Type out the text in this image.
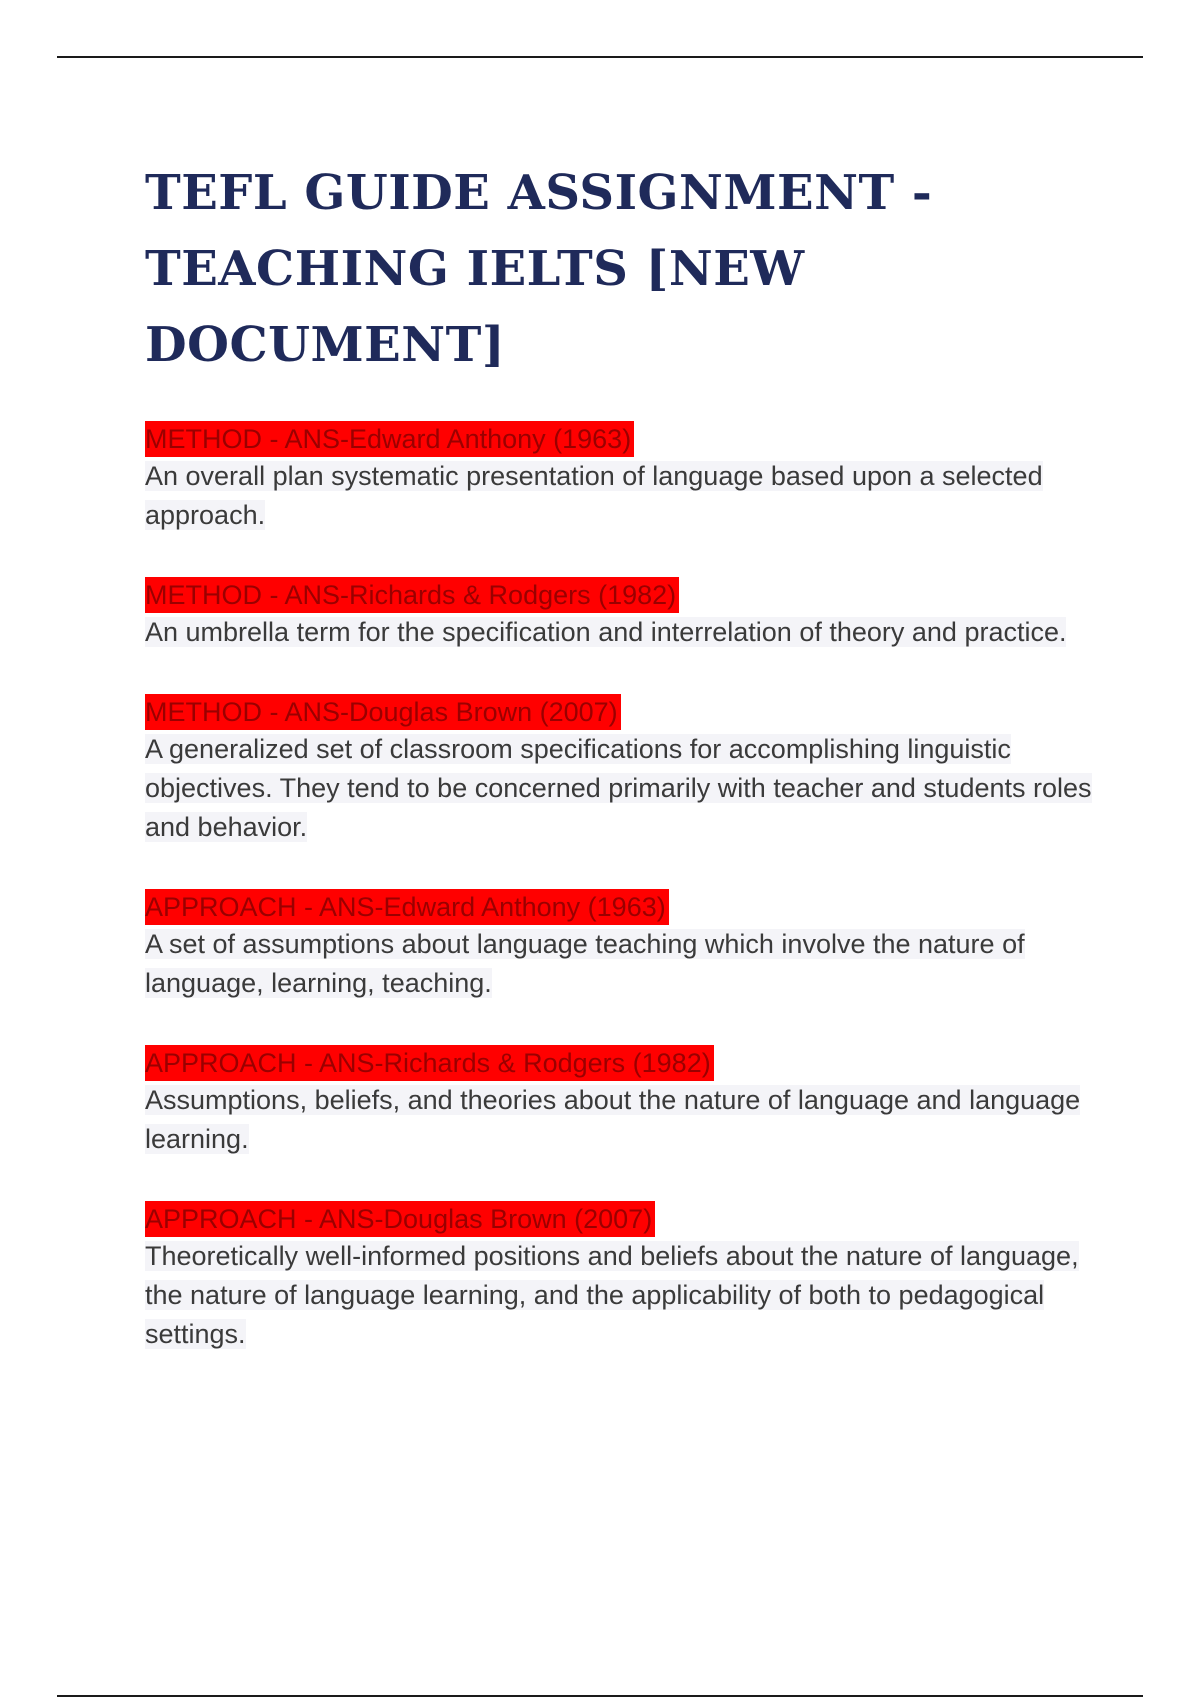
TEFL GUIDE ASSIGNMENT -
TEACHING IELTS [NEW DOCUMENT]
METHOD - ANS-Edward Anthony (1963)

An overall plan systematic presentation of language based upon a selected approach.

METHOD - ANS-Richards & Rodgers (1982)

An umbrella term for the specification and interrelation of theory and practice.

METHOD - ANS-Douglas Brown (2007)

A generalized set of classroom specifications for accomplishing linguistic objectives. They tend to be concerned primarily with teacher and students roles and behavior.

APPROACH - ANS-Edward Anthony (1963)

A set of assumptions about language teaching which involve the nature of language, learning, teaching.

APPROACH - ANS-Richards & Rodgers (1982)

Assumptions, beliefs, and theories about the nature of language and language learning.

APPROACH - ANS-Douglas Brown (2007)

Theoretically well-informed positions and beliefs about the nature of language, the nature of language learning, and the applicability of both to pedagogical settings.
